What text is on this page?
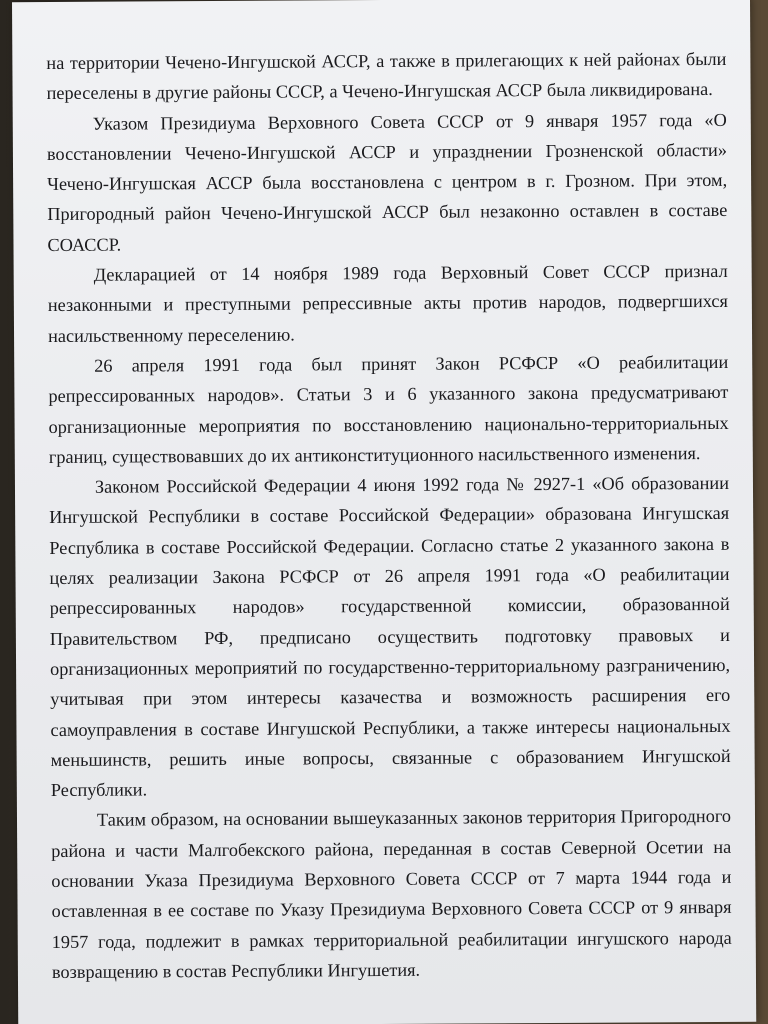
на территории Чечено-Ингушской АССР, а также в прилегающих к ней районах были переселены в другие районы СССР, а Чечено-Ингушская АССР была ликвидирована.

Указом Президиума Верховного Совета СССР от 9 января 1957 года «О восстановлении Чечено-Ингушской АССР и упразднении Грозненской области» Чечено-Ингушская АССР была восстановлена с центром в г. Грозном. При этом, Пригородный район Чечено-Ингушской АССР был незаконно оставлен в составе СОАССР.

Декларацией от 14 ноября 1989 года Верховный Совет СССР признал незаконными и преступными репрессивные акты против народов, подвергшихся насильственному переселению.

26 апреля 1991 года был принят Закон РСФСР «О реабилитации репрессированных народов». Статьи 3 и 6 указанного закона предусматривают организационные мероприятия по восстановлению национально-территориальных границ, существовавших до их антиконституционного насильственного изменения.

Законом Российской Федерации 4 июня 1992 года № 2927-1 «Об образовании Ингушской Республики в составе Российской Федерации» образована Ингушская Республика в составе Российской Федерации. Согласно статье 2 указанного закона в целях реализации Закона РСФСР от 26 апреля 1991 года «О реабилитации репрессированных народов» государственной комиссии, образованной Правительством РФ, предписано осуществить подготовку правовых и организационных мероприятий по государственно-территориальному разграничению, учитывая при этом интересы казачества и возможность расширения его самоуправления в составе Ингушской Республики, а также интересы национальных меньшинств, решить иные вопросы, связанные с образованием Ингушской Республики.

Таким образом, на основании вышеуказанных законов территория Пригородного района и части Малгобекского района, переданная в состав Северной Осетии на основании Указа Президиума Верховного Совета СССР от 7 марта 1944 года и оставленная в ее составе по Указу Президиума Верховного Совета СССР от 9 января 1957 года, подлежит в рамках территориальной реабилитации ингушского народа возвращению в состав Республики Ингушетия.
